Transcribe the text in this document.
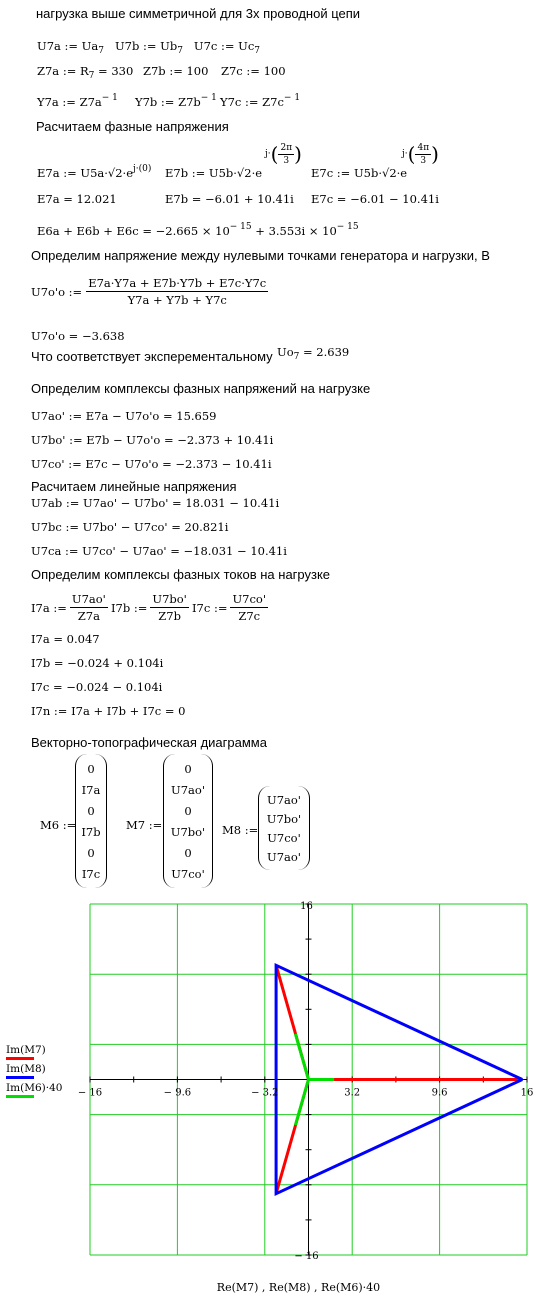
нагрузка выше симметричной для 3х проводной цепи
U7a := $Ua_7$ U7b := $Ub_7$ U7c := $Uc_7$
Z7a := $R_7 = 330$ Z7b := 100 Z7c := 100
Y7a := $Z7a^{- 1}$ Y7b := $Z7b^{- 1}$ Y7c := $Z7c^{- 1}$
Расчитаем фазные напряжения
E7a := $U5a\cdot√2\cdot e^{j\cdot(0)}$ E7b := U5b·√2·e
j· ( $\frac{2\pi}{3}$ )
E7c := U5b·√2·e
j· ( $\frac{4\pi}{3}$ )
E7a = 12.021	E7b = −6.01 + 10.41i E7c = −6.01 − 10.41i
$E6a + E6b + E6c = -2.665 \times 10^{- 15} + 3.553i \times 10^{- 15}$
Определим напряжение между нулевыми точками генератора и нагрузки, В
U7o'o := $\frac{E7a\cdot Y7a + E7b\cdot Y7b + E7c\cdot Y7c}{Y7a + Y7b + Y7c}$
U7o'o = −3.638
Что соответствует эксперементальному $Uo_7 = 2.639$
Определим комплексы фазных напряжений на нагрузке
U7ao' := E7a − U7o'o = 15.659
U7bo' := E7b − U7o'o = −2.373 + 10.41i
U7co' := E7c − U7o'o = −2.373 − 10.41i
Расчитаем линейные напряжения
U7ab := U7ao' − U7bo' = 18.031 − 10.41i
U7bc := U7bo' − U7co' = 20.821i
U7ca := U7co' − U7ao' = −18.031 − 10.41i
Определим комплексы фазных токов на нагрузке
I7a := $\frac{U7ao'}{Z7a} I7b$ := $\frac{U7bo'}{Z7b} I7c$ := $\frac{U7co'}{Z7c}$
I7a = 0.047
I7b = −0.024 + 0.104i
I7c = −0.024 − 0.104i
I7n := I7a + I7b + I7c = 0
Векторно-топографическая диаграмма
M6 :=
0
I7a
0
I7b
0
I7c
M7 :=
0
U7ao'
0
U7bo'
0
U7co'
M8 :=
U7ao'
U7bo'
U7co'
U7ao'
Im(M7)
Im(M8)
Im(M6)·40	− 16	− 9.6	− 3.2	3.2	9.6	16
16
− 16
Re(M7) , Re(M8) , Re(M6)·40
